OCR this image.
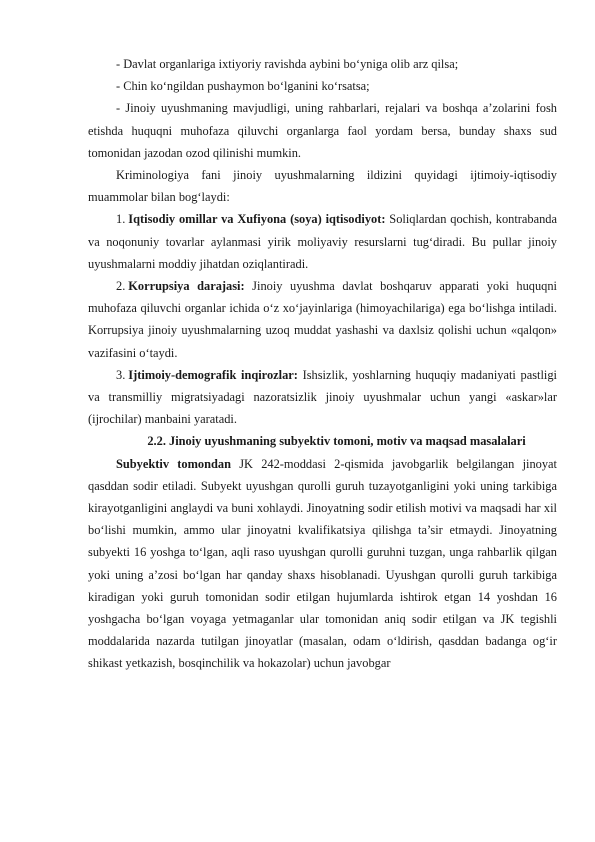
- Davlat organlariga ixtiyoriy ravishda aybini bo‘yniga olib arz qilsa;

- Chin ko‘ngildan pushaymon bo‘lganini ko‘rsatsa;

- Jinoiy uyushmaning mavjudligi, uning rahbarlari, rejalari va boshqa a’zolarini fosh etishda huquqni muhofaza qiluvchi organlarga faol yordam bersa, bunday shaxs sud tomonidan jazodan ozod qilinishi mumkin.

Kriminologiya fani jinoiy uyushmalarning ildizini quyidagi ijtimoiy-iqtisodiy muammolar bilan bog‘laydi:

1. Iqtisodiy omillar va Xufiyona (soya) iqtisodiyot: Soliqlardan qochish, kontrabanda va noqonuniy tovarlar aylanmasi yirik moliyaviy resurslarni tug‘diradi. Bu pullar jinoiy uyushmalarni moddiy jihatdan oziqlantiradi.

2. Korrupsiya darajasi: Jinoiy uyushma davlat boshqaruv apparati yoki huquqni muhofaza qiluvchi organlar ichida o‘z xo‘jayinlariga (himoyachilariga) ega bo‘lishga intiladi. Korrupsiya jinoiy uyushmalarning uzoq muddat yashashi va daxlsiz qolishi uchun «qalqon» vazifasini o‘taydi.

3. Ijtimoiy-demografik inqirozlar: Ishsizlik, yoshlarning huquqiy madaniyati pastligi va transmilliy migratsiyadagi nazoratsizlik jinoiy uyushmalar uchun yangi «askar»lar (ijrochilar) manbaini yaratadi.

2.2. Jinoiy uyushmaning subyektiv tomoni, motiv va maqsad masalalari

Subyektiv tomondan JK 242-moddasi 2-qismida javobgarlik belgilangan jinoyat qasddan sodir etiladi. Subyekt uyushgan qurolli guruh tuzayotganligini yoki uning tarkibiga kirayotganligini anglaydi va buni xohlaydi. Jinoyatning sodir etilish motivi va maqsadi har xil bo‘lishi mumkin, ammo ular jinoyatni kvalifikatsiya qilishga ta’sir etmaydi. Jinoyatning subyekti 16 yoshga to‘lgan, aqli raso uyushgan qurolli guruhni tuzgan, unga rahbarlik qilgan yoki uning a’zosi bo‘lgan har qanday shaxs hisoblanadi. Uyushgan qurolli guruh tarkibiga kiradigan yoki guruh tomonidan sodir etilgan hujumlarda ishtirok etgan 14 yoshdan 16 yoshgacha bo‘lgan voyaga yetmaganlar ular tomonidan aniq sodir etilgan va JK tegishli moddalarida nazarda tutilgan jinoyatlar (masalan, odam o‘ldirish, qasddan badanga og‘ir shikast yetkazish, bosqinchilik va hokazolar) uchun javobgar
